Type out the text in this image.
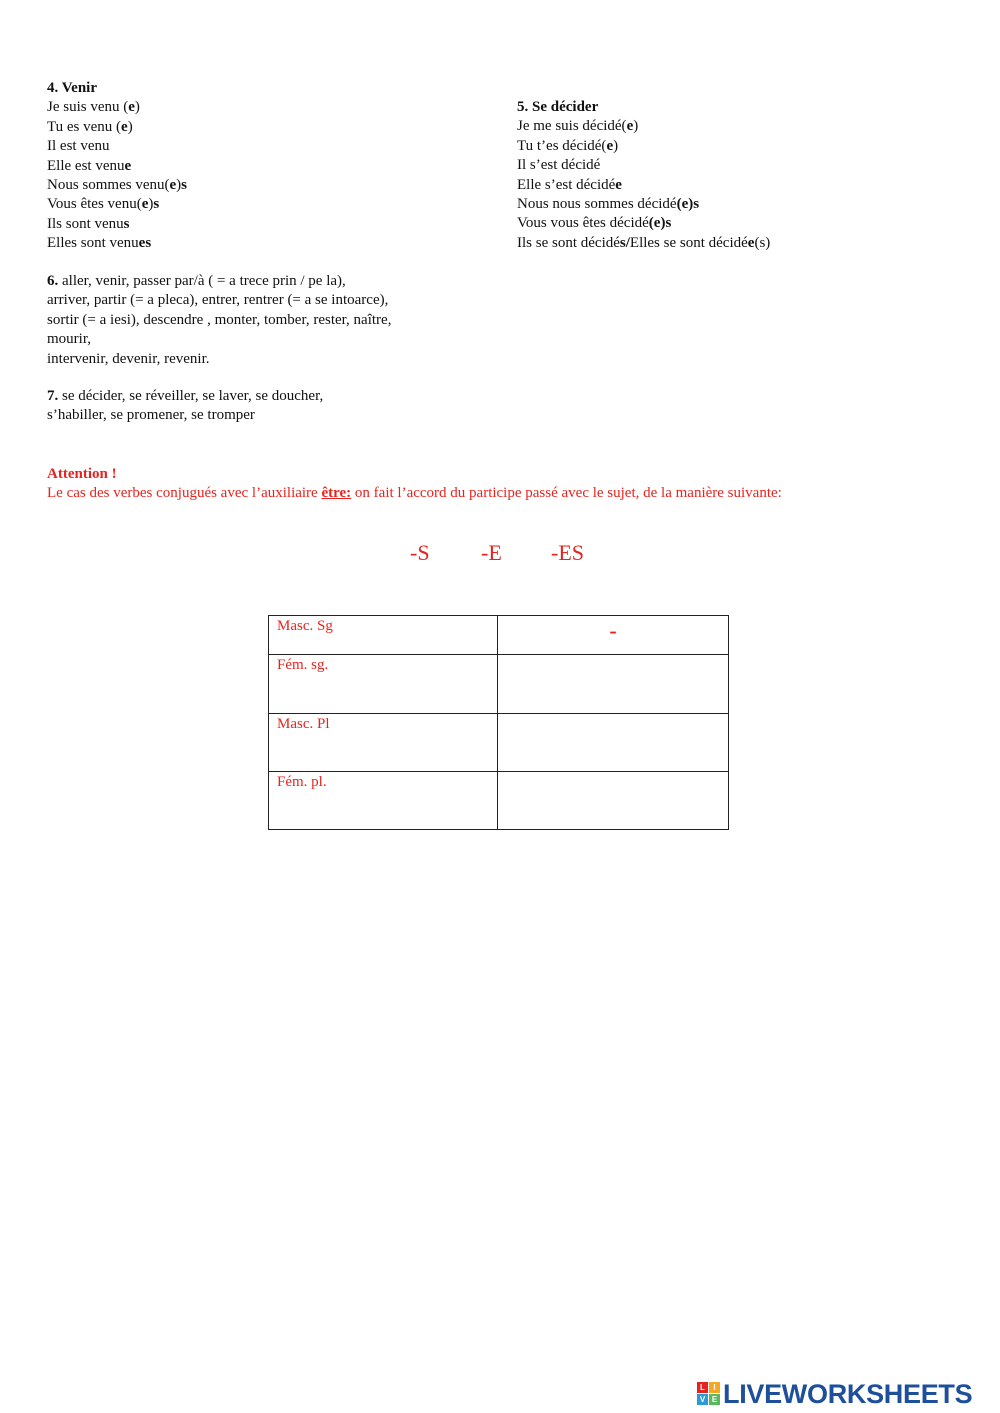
4. Venir
Je suis venu (e)
Tu es venu (e)
Il est venu
Elle est venue
Nous sommes venu(e)s
Vous êtes venu(e)s
Ils sont venus
Elles sont venues
5. Se décider
Je me suis décidé(e)
Tu t’es décidé(e)
Il s’est décidé
Elle s’est décidée
Nous nous sommes décidé(e)s
Vous vous êtes décidé(e)s
Ils se sont décidés/Elles se sont décidée(s)
6. aller, venir, passer par/à ( = a trece prin / pe la),
arriver, partir (= a pleca), entrer, rentrer (= a se intoarce),
sortir (= a iesi), descendre , monter, tomber, rester, naître,
mourir,
intervenir, devenir, revenir.
7. se décider, se réveiller, se laver, se doucher,
s’habiller, se promener, se tromper
Attention !
Le cas des verbes conjugués avec l’auxiliaire être: on fait l’accord du participe passé avec le sujet, de la manière suivante:
-S -E -ES
Masc. Sg	-
Fém. sg.	
Masc. Pl	
Fém. pl.	
L	I
V E LIVEWORKSHEETS
